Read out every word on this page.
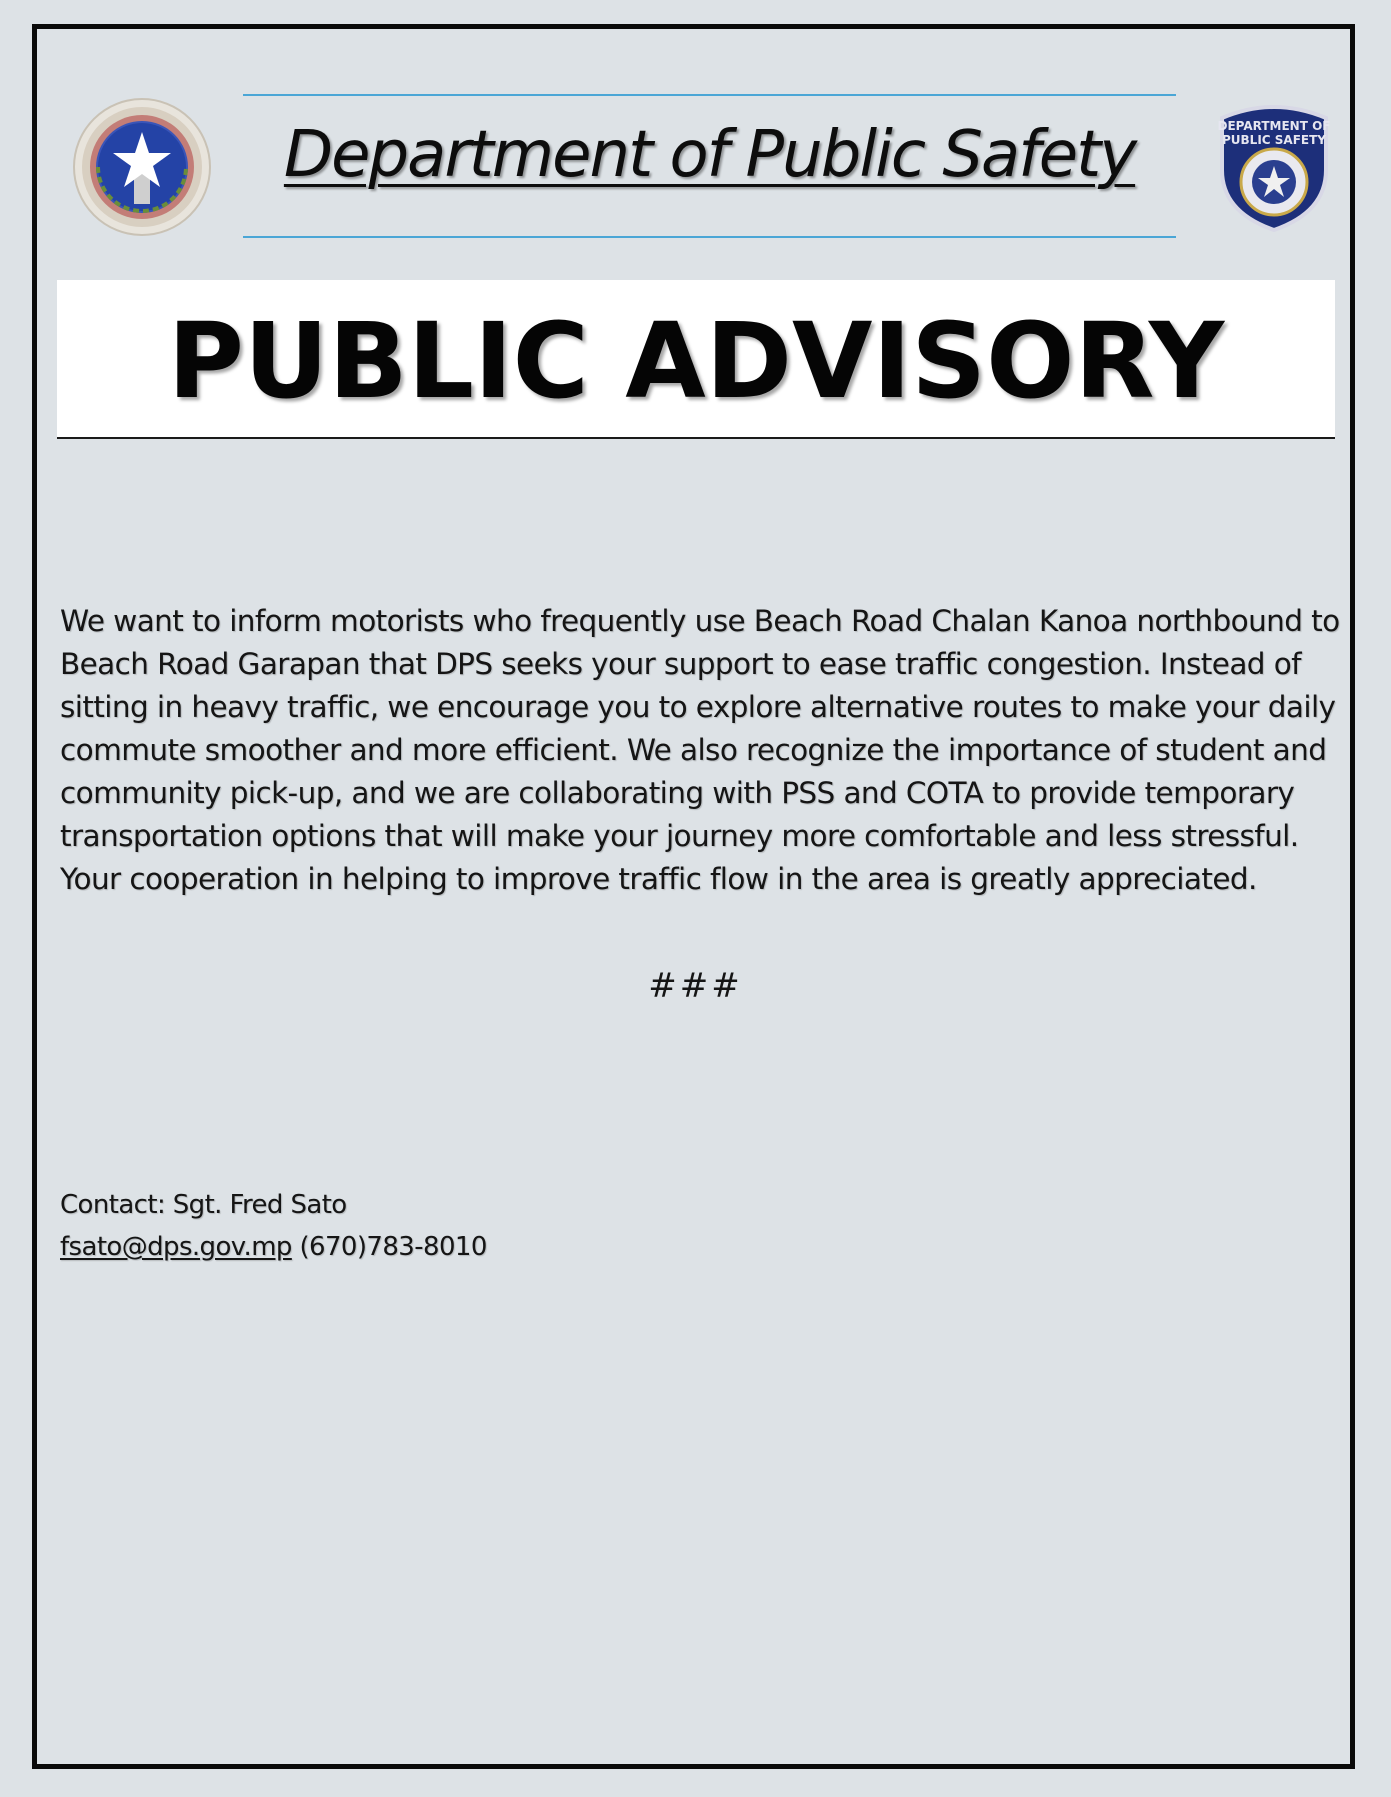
Department of Public Safety	DEPARTMENT OF
PUBLIC SAFETY
PUBLIC ADVISORY
We want to inform motorists who frequently use Beach Road Chalan Kanoa northbound to Beach Road Garapan that DPS seeks your support to ease traffic congestion. Instead of sitting in heavy traffic, we encourage you to explore alternative routes to make your daily commute smoother and more efficient. We also recognize the importance of student and community pick-up, and we are collaborating with PSS and COTA to provide temporary transportation options that will make your journey more comfortable and less stressful. Your cooperation in helping to improve traffic flow in the area is greatly appreciated.
###
Contact: Sgt. Fred Sato
fsato@dps.gov.mp (670)783-8010
